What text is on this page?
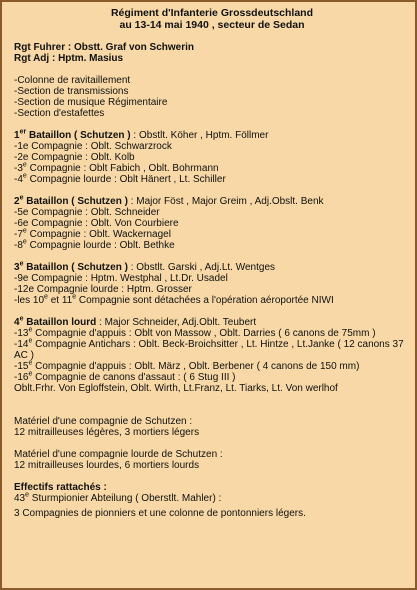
Régiment d'Infanterie Grossdeutschland
au 13-14 mai 1940 , secteur de Sedan
Rgt Fuhrer : Obstt. Graf von Schwerin
Rgt Adj : Hptm. Masius
-Colonne de ravitaillement
-Section de transmissions
-Section de musique Régimentaire
-Section d'estafettes
1er Bataillon ( Schutzen ) : Obstlt. Köher , Hptm. Föllmer
-1e Compagnie : Oblt. Schwarzrock
-2e Compagnie : Oblt. Kolb
-3e Compagnie : Oblt Fabich , Oblt. Bohrmann
-4e Compagnie lourde : Oblt Hänert , Lt. Schiller
2e Bataillon ( Schutzen ) : Major Föst , Major Greim , Adj.Obslt. Benk
-5e Compagnie : Oblt. Schneider
-6e Compagnie : Oblt. Von Courbiere
-7e Compagnie : Oblt. Wackernagel
-8e Compagnie lourde : Oblt. Bethke
3e Bataillon ( Schutzen ) : Obstlt. Garski , Adj.Lt. Wentges
-9e Compagnie : Hptm. Westphal , Lt.Dr. Usadel
-12e Compagnie lourde : Hptm. Grosser
-les 10e et 11e Compagnie sont détachées a l'opération aéroportée NIWI
4e Bataillon lourd : Major Schneider, Adj.Oblt. Teubert
-13e Compagnie d'appuis : Oblt von Massow , Oblt. Darries ( 6 canons de 75mm )
-14e Compagnie Antichars : Oblt. Beck-Broichsitter , Lt. Hintze , Lt.Janke ( 12 canons 37 AC )
-15e Compagnie d'appuis : Oblt. März , Oblt. Berbener ( 4 canons de 150 mm)
-16e Compagnie de canons d'assaut : ( 6 Stug III )
Oblt.Frhr. Von Egloffstein, Oblt. Wirth, Lt.Franz, Lt. Tiarks, Lt. Von werlhof
Matériel d'une compagnie de Schutzen :
12 mitrailleuses légères, 3 mortiers légers
Matériel d'une compagnie lourde de Schutzen :
12 mitrailleuses lourdes, 6 mortiers lourds
Effectifs rattachés :
43e Sturmpionier Abteilung ( Oberstlt. Mahler) :
3 Compagnies de pionniers et une colonne de pontonniers légers.
